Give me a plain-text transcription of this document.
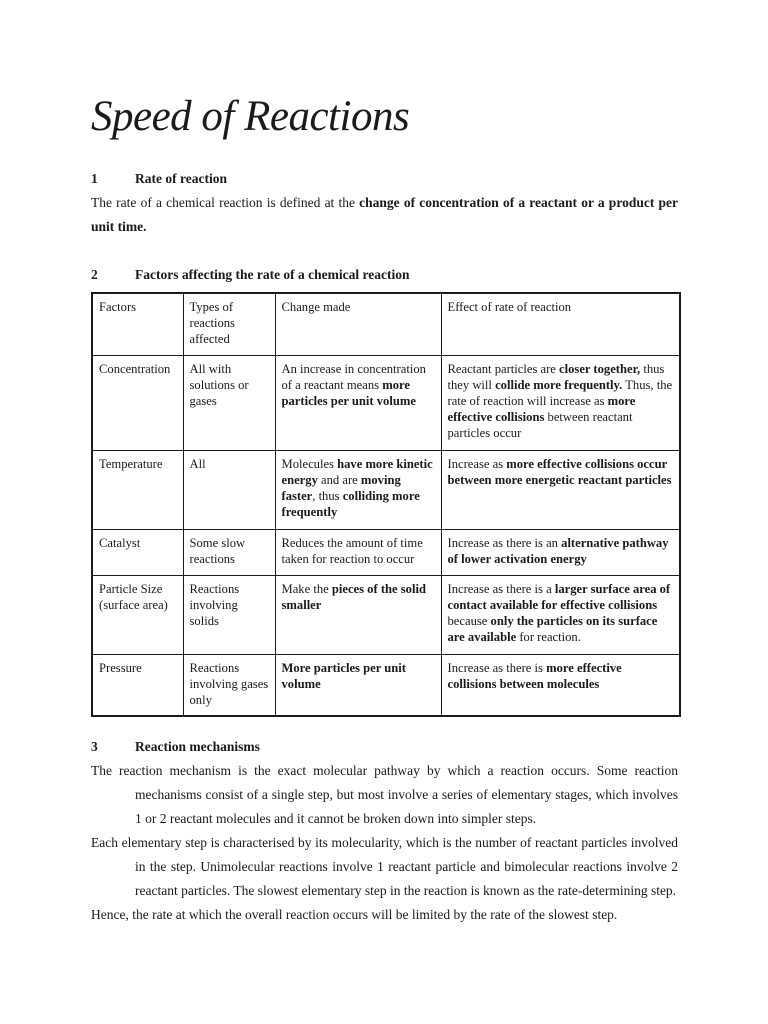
Speed of Reactions
1	Rate of reaction

The rate of a chemical reaction is defined at the change of concentration of a reactant or a product per unit time.

2	Factors affecting the rate of a chemical reaction
Factors	Types of reactions affected	Change made	Effect of rate of reaction
Concentration	All with solutions or gases	An increase in concentration of a reactant means more particles per unit volume	Reactant particles are closer together, thus they will collide more frequently. Thus, the rate of reaction will increase as more effective collisions between reactant particles occur
Temperature	All	Molecules have more kinetic energy and are moving faster, thus colliding more frequently	Increase as more effective collisions occur between more energetic reactant particles
Catalyst	Some slow reactions	Reduces the amount of time taken for reaction to occur	Increase as there is an alternative pathway of lower activation energy
Particle Size (surface area)	Reactions involving solids	Make the pieces of the solid smaller	Increase as there is a larger surface area of contact available for effective collisions because only the particles on its surface are available for reaction.
Pressure	Reactions involving gases only	More particles per unit volume	Increase as there is more effective collisions between molecules
3	Reaction mechanisms

The reaction mechanism is the exact molecular pathway by which a reaction occurs. Some reaction mechanisms consist of a single step, but most involve a series of elementary stages, which involves 1 or 2 reactant molecules and it cannot be broken down into simpler steps.

Each elementary step is characterised by its molecularity, which is the number of reactant particles involved in the step. Unimolecular reactions involve 1 reactant particle and bimolecular reactions involve 2 reactant particles. The slowest elementary step in the reaction is known as the rate-determining step.

Hence, the rate at which the overall reaction occurs will be limited by the rate of the slowest step.
